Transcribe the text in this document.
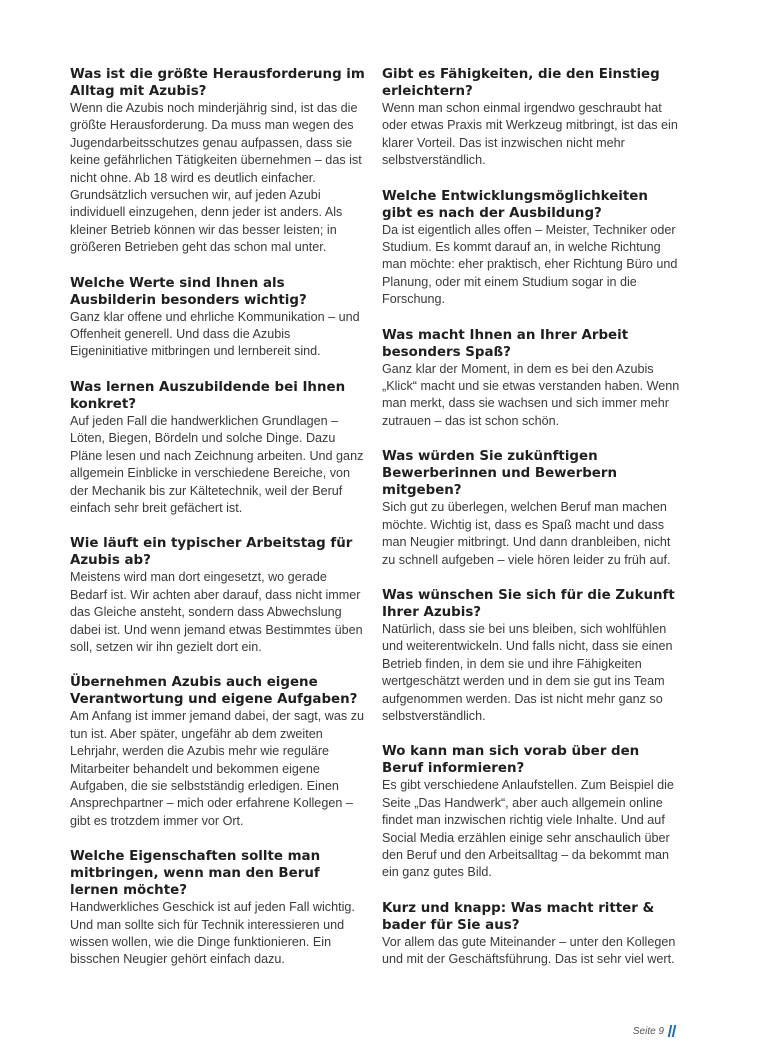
Was ist die größte Herausforderung im Alltag mit Azubis?

Wenn die Azubis noch minderjährig sind, ist das die größte Herausforderung. Da muss man wegen des Jugendarbeitsschutzes genau aufpassen, dass sie keine gefährlichen Tätigkeiten übernehmen – das ist nicht ohne. Ab 18 wird es deutlich einfacher. Grundsätzlich versuchen wir, auf jeden Azubi individuell einzugehen, denn jeder ist anders. Als kleiner Betrieb können wir das besser leisten; in größeren Betrieben geht das schon mal unter.

Welche Werte sind Ihnen als Ausbilderin besonders wichtig?

Ganz klar offene und ehrliche Kommunikation – und Offenheit generell. Und dass die Azubis Eigeninitiative mitbringen und lernbereit sind.

Was lernen Auszubildende bei Ihnen konkret?

Auf jeden Fall die handwerklichen Grundlagen – Löten, Biegen, Bördeln und solche Dinge. Dazu Pläne lesen und nach Zeichnung arbeiten. Und ganz allgemein Einblicke in verschiedene Bereiche, von der Mechanik bis zur Kältetechnik, weil der Beruf einfach sehr breit gefächert ist.

Wie läuft ein typischer Arbeitstag für Azubis ab?

Meistens wird man dort eingesetzt, wo gerade Bedarf ist. Wir achten aber darauf, dass nicht immer das Gleiche ansteht, sondern dass Abwechslung dabei ist. Und wenn jemand etwas Bestimmtes üben soll, setzen wir ihn gezielt dort ein.

Übernehmen Azubis auch eigene Verantwortung und eigene Aufgaben?

Am Anfang ist immer jemand dabei, der sagt, was zu tun ist. Aber später, ungefähr ab dem zweiten Lehrjahr, werden die Azubis mehr wie reguläre Mitarbeiter behandelt und bekommen eigene Aufgaben, die sie selbstständig erledigen. Einen Ansprechpartner – mich oder erfahrene Kollegen – gibt es trotzdem immer vor Ort.

Welche Eigenschaften sollte man mitbringen, wenn man den Beruf lernen möchte?

Handwerkliches Geschick ist auf jeden Fall wichtig. Und man sollte sich für Technik interessieren und wissen wollen, wie die Dinge funktionieren. Ein bisschen Neugier gehört einfach dazu.

Gibt es Fähigkeiten, die den Einstieg erleichtern?

Wenn man schon einmal irgendwo geschraubt hat oder etwas Praxis mit Werkzeug mitbringt, ist das ein klarer Vorteil. Das ist inzwischen nicht mehr selbstverständlich.

Welche Entwicklungsmöglichkeiten gibt es nach der Ausbildung?

Da ist eigentlich alles offen – Meister, Techniker oder Studium. Es kommt darauf an, in welche Richtung man möchte: eher praktisch, eher Richtung Büro und Planung, oder mit einem Studium sogar in die Forschung.

Was macht Ihnen an Ihrer Arbeit besonders Spaß?

Ganz klar der Moment, in dem es bei den Azubis „Klick“ macht und sie etwas verstanden haben. Wenn man merkt, dass sie wachsen und sich immer mehr zutrauen – das ist schon schön.

Was würden Sie zukünftigen Bewerberinnen und Bewerbern mitgeben?

Sich gut zu überlegen, welchen Beruf man machen möchte. Wichtig ist, dass es Spaß macht und dass man Neugier mitbringt. Und dann dranbleiben, nicht zu schnell aufgeben – viele hören leider zu früh auf.

Was wünschen Sie sich für die Zukunft Ihrer Azubis?

Natürlich, dass sie bei uns bleiben, sich wohlfühlen und weiterentwickeln. Und falls nicht, dass sie einen Betrieb finden, in dem sie und ihre Fähigkeiten wertgeschätzt werden und in dem sie gut ins Team aufgenommen werden. Das ist nicht mehr ganz so selbstverständlich.

Wo kann man sich vorab über den Beruf informieren?

Es gibt verschiedene Anlaufstellen. Zum Beispiel die Seite „Das Handwerk“, aber auch allgemein online findet man inzwischen richtig viele Inhalte. Und auf Social Media erzählen einige sehr anschaulich über den Beruf und den Arbeitsalltag – da bekommt man ein ganz gutes Bild.

Kurz und knapp: Was macht ritter & bader für Sie aus?

Vor allem das gute Miteinander – unter den Kollegen und mit der Geschäftsführung. Das ist sehr viel wert.

Seite 9
